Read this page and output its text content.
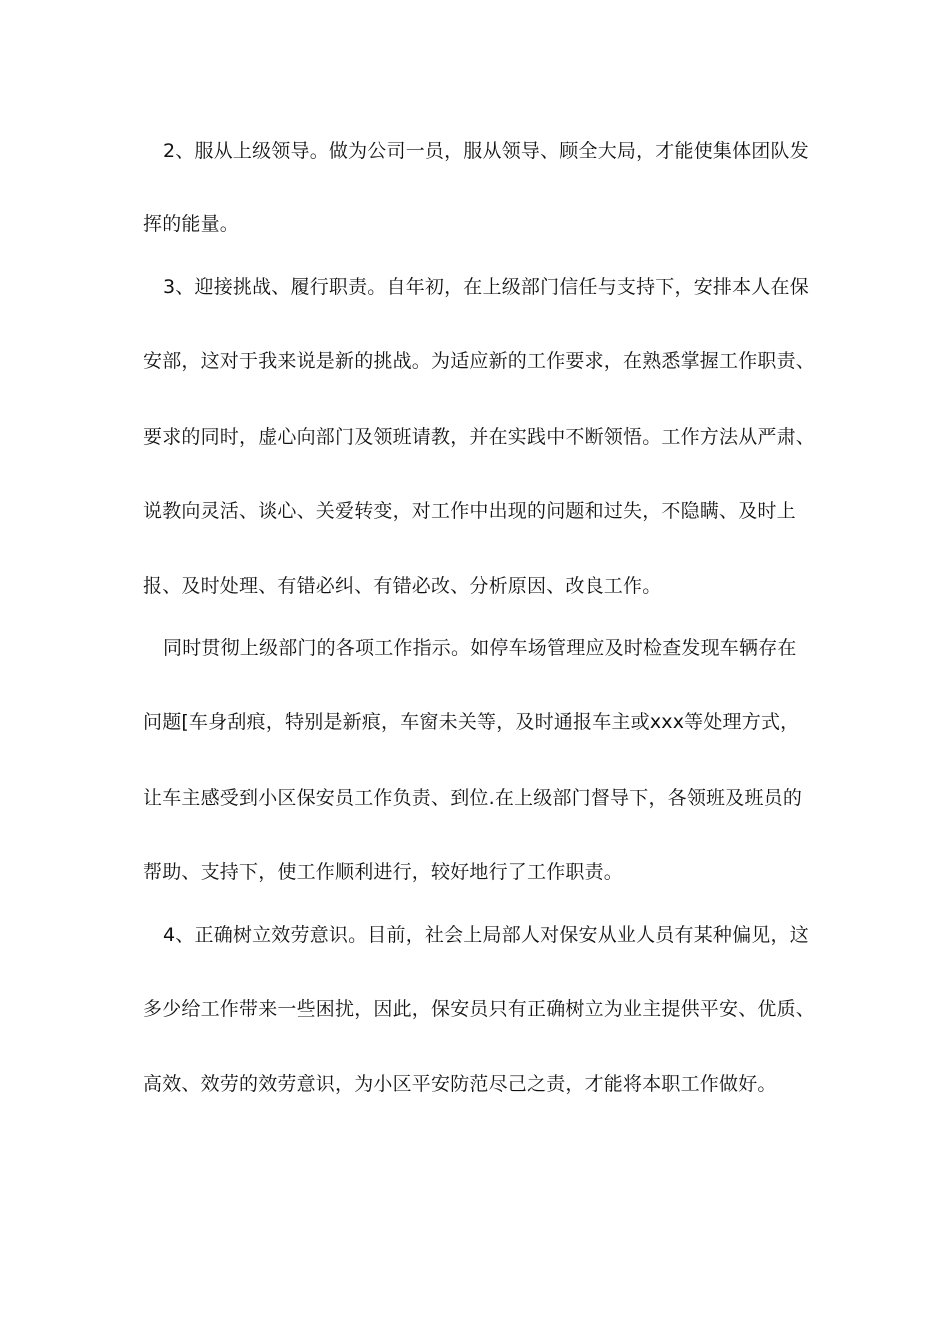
2、服从上级领导。做为公司一员，服从领导、顾全大局，才能使集体团队发
挥的能量。
3、迎接挑战、履行职责。自年初，在上级部门信任与支持下，安排本人在保
安部，这对于我来说是新的挑战。为适应新的工作要求，在熟悉掌握工作职责、
要求的同时，虚心向部门及领班请教，并在实践中不断领悟。工作方法从严肃、
说教向灵活、谈心、关爱转变，对工作中出现的问题和过失，不隐瞒、及时上
报、及时处理、有错必纠、有错必改、分析原因、改良工作。
同时贯彻上级部门的各项工作指示。如停车场管理应及时检查发现车辆存在
问题[车身刮痕，特别是新痕，车窗未关等，及时通报车主或xxx等处理方式，
让车主感受到小区保安员工作负责、到位.在上级部门督导下，各领班及班员的
帮助、支持下，使工作顺利进行，较好地行了工作职责。
4、正确树立效劳意识。目前，社会上局部人对保安从业人员有某种偏见，这
多少给工作带来一些困扰，因此，保安员只有正确树立为业主提供平安、优质、
高效、效劳的效劳意识，为小区平安防范尽己之责，才能将本职工作做好。
